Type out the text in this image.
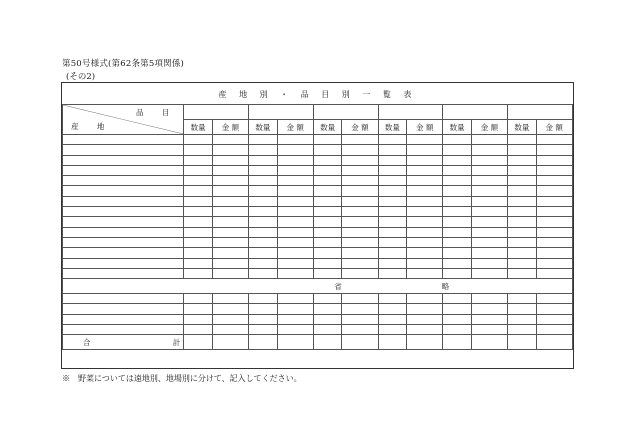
第50号様式(第62条第5項関係)
(その2)
産 地 別 ・ 品 目 別 一 覧 表
品 目
産 地												

	数量	金 額	数量	金 額	数量	金 額	数量	金 額	数量	金 額	数量	金 額

省						略						

合 計												
※　野菜については遠地別、地場別に分けて、記入してください。
